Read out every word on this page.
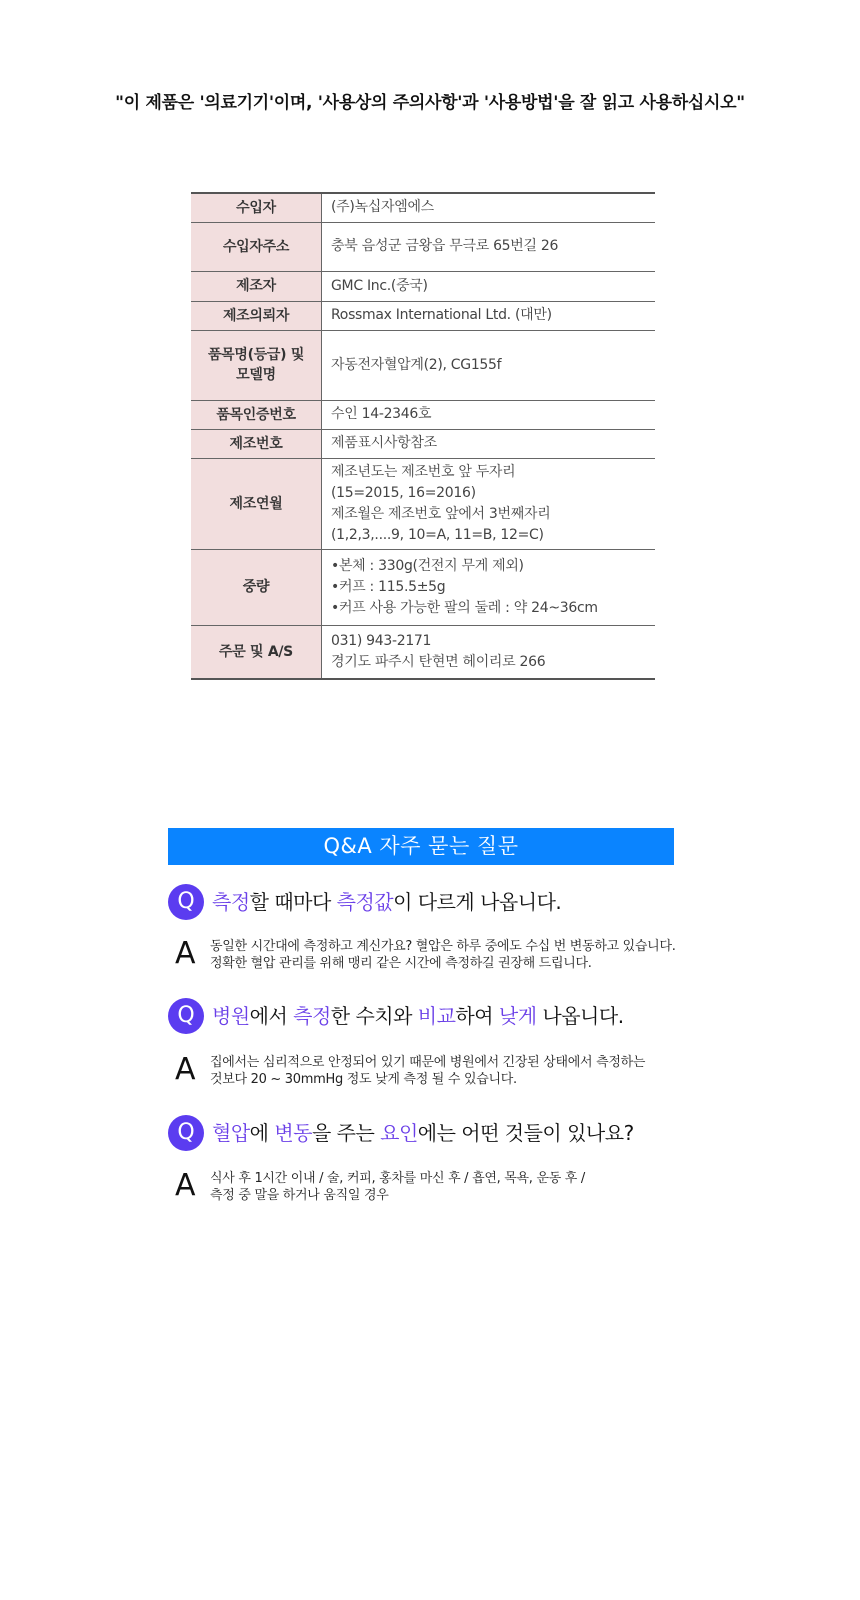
"이 제품은 '의료기기'이며, '사용상의 주의사항'과 '사용방법'을 잘 읽고 사용하십시오"
수입자	(주)녹십자엠에스

수입자주소	충북 음성군 금왕읍 무극로 65번길 26

제조자	GMC Inc.(중국)

제조의뢰자	Rossmax International Ltd. (대만)

품목명(등급) 및
모델명	자동전자혈압계(2), CG155f

품목인증번호	수인 14-2346호

제조번호	제품표시사항참조

제조연월	제조년도는 제조번호 앞 두자리
(15=2015, 16=2016)
제조월은 제조번호 앞에서 3번째자리
(1,2,3,....9, 10=A, 11=B, 12=C)

중량	•본체 : 330g(건전지 무게 제외)
•커프 : 115.5±5g
•커프 사용 가능한 팔의 둘레 : 약 24~36cm

주문 및 A/S	031) 943-2171
경기도 파주시 탄현면 헤이리로 266
Q&A 자주 묻는 질문
Q 측정할 때마다 측정값이 다르게 나옵니다.
A 동일한 시간대에 측정하고 계신가요? 혈압은 하루 중에도 수십 번 변동하고 있습니다.
정확한 혈압 관리를 위해 맹리 같은 시간에 측정하길 권장해 드립니다.
Q 병원에서 측정한 수치와 비교하여 낮게 나옵니다.
A 집에서는 심리적으로 안정되어 있기 때문에 병원에서 긴장된 상태에서 측정하는
것보다 20 ~ 30mmHg 정도 낮게 측정 될 수 있습니다.
Q 혈압에 변동을 주는 요인에는 어떤 것들이 있나요?
A 식사 후 1시간 이내 / 술, 커피, 홍차를 마신 후 / 흡연, 목욕, 운동 후 /
측정 중 말을 하거나 움직일 경우
